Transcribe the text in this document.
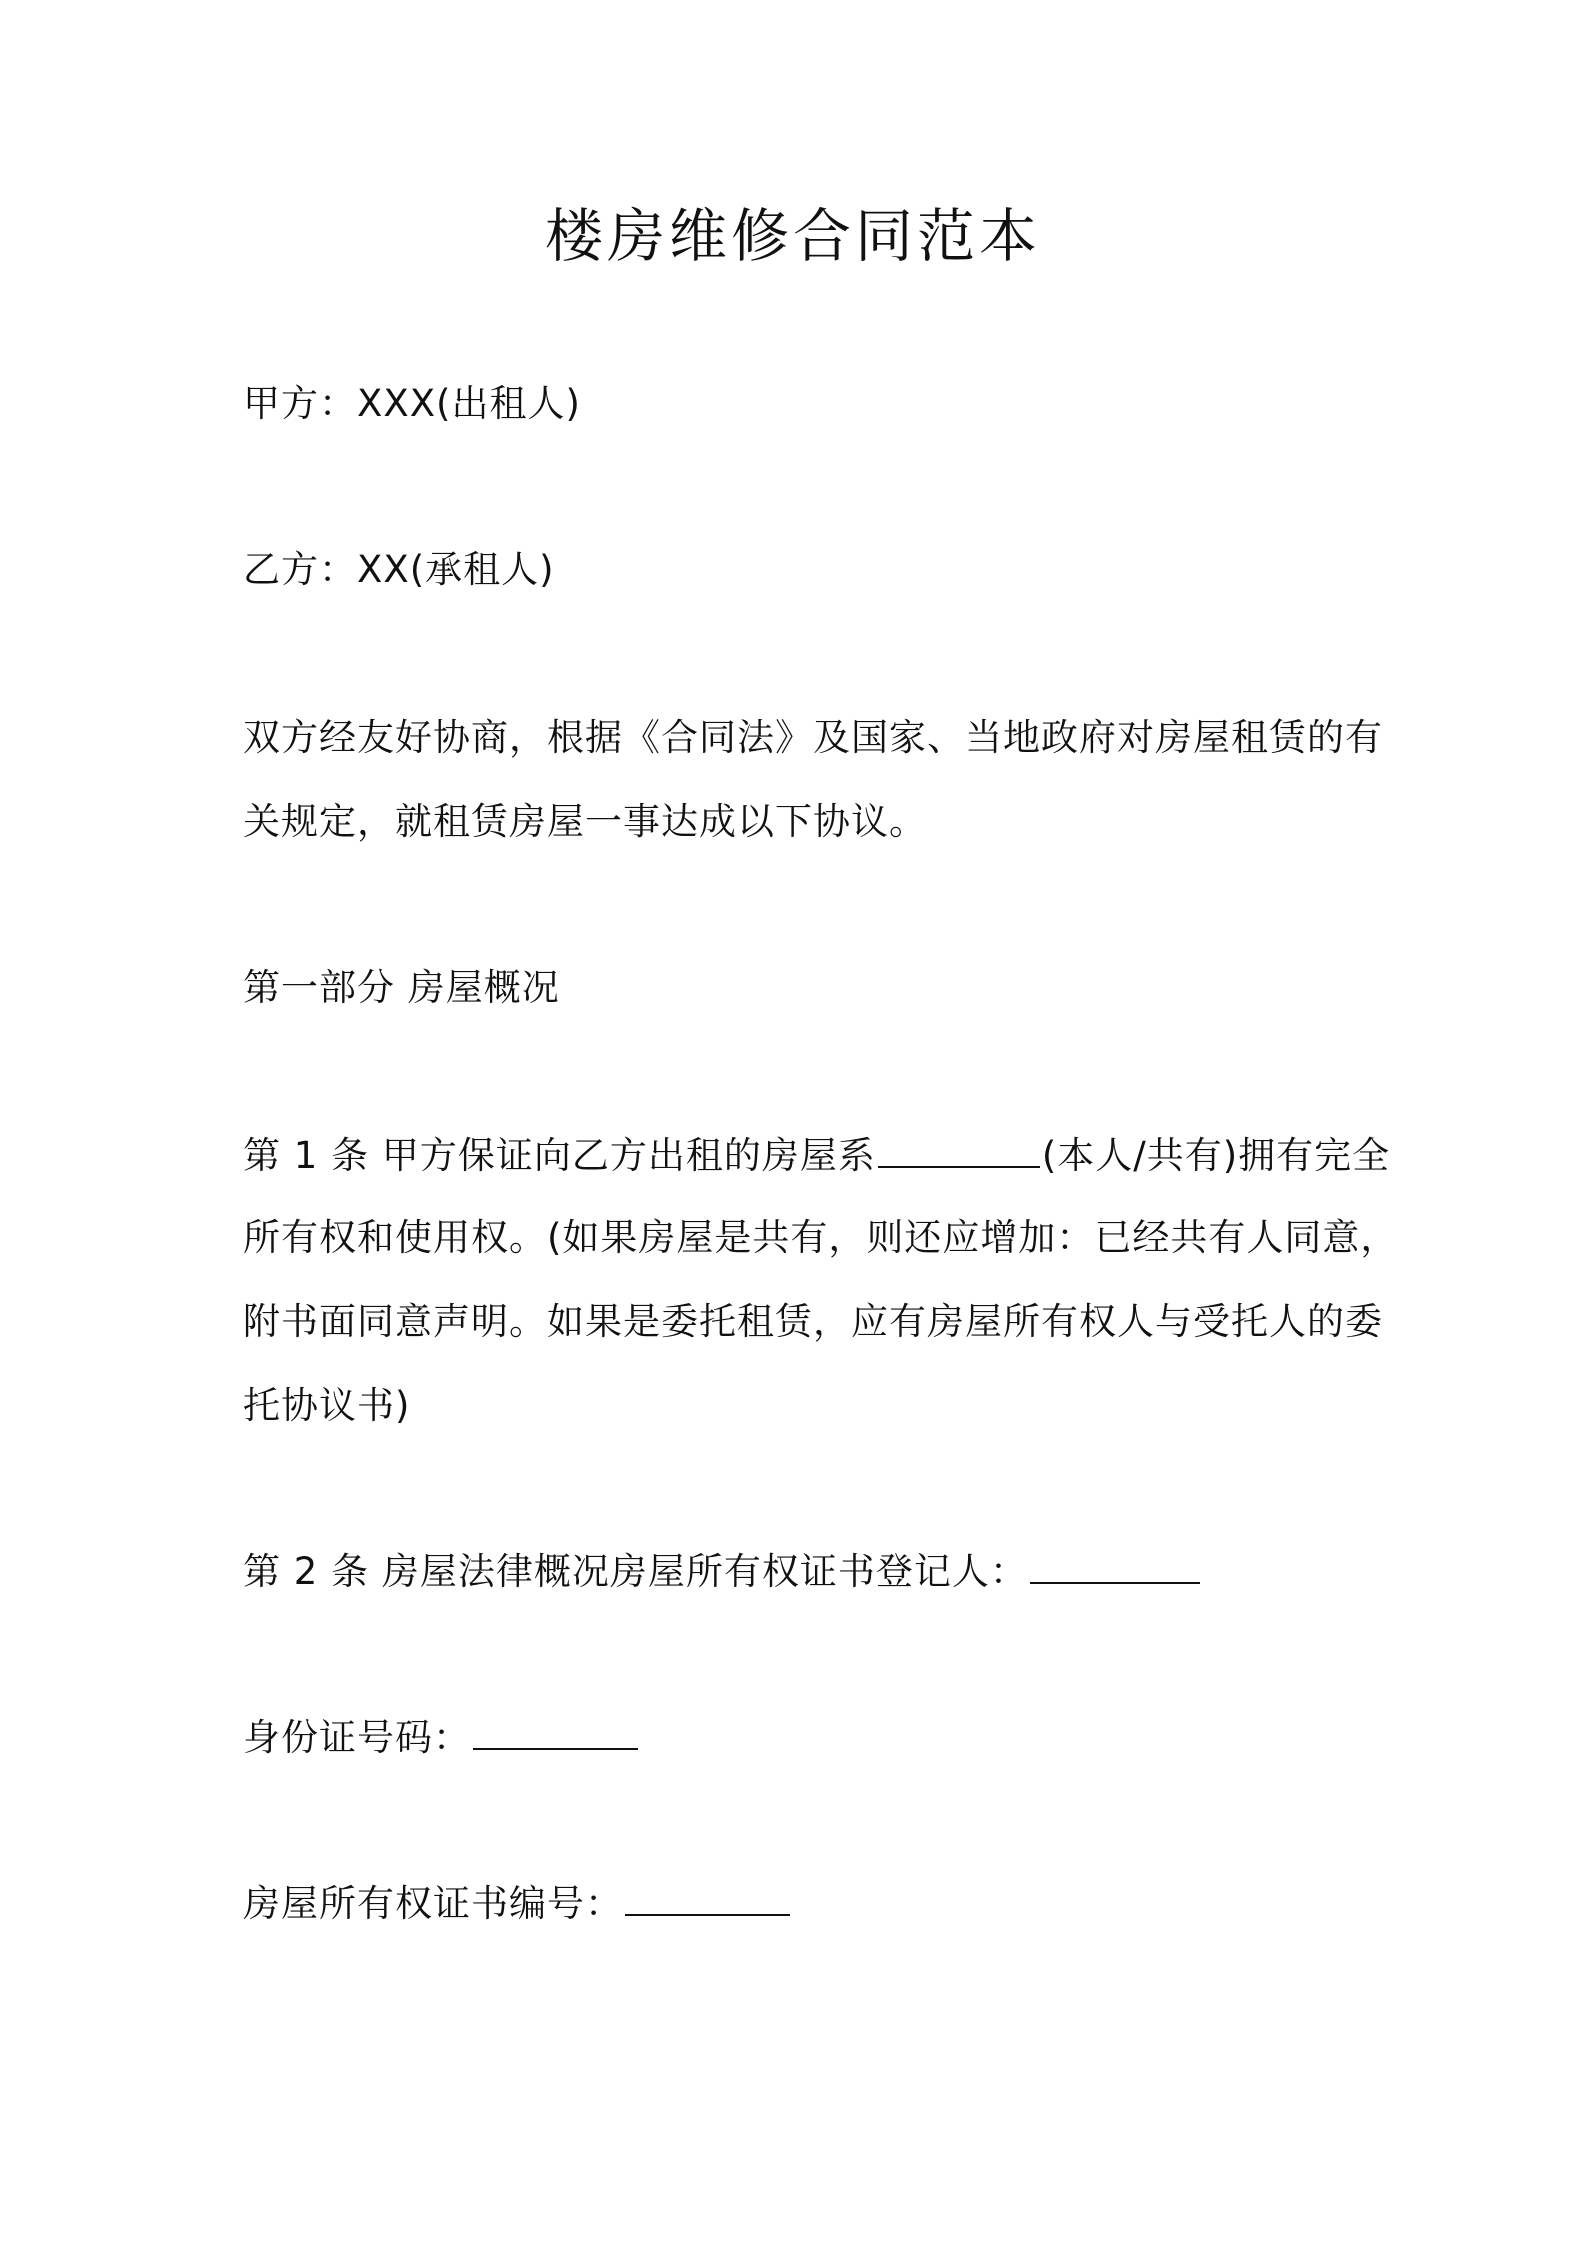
楼房维修合同范本
甲方：XXX(出租人)
乙方：XX(承租人)
双方经友好协商，根据《合同法》及国家、当地政府对房屋租赁的有
关规定，就租赁房屋一事达成以下协议。
第一部分 房屋概况
第 1 条 甲方保证向乙方出租的房屋系	(本人/共有)拥有完全
所有权和使用权。(如果房屋是共有，则还应增加：已经共有人同意，
附书面同意声明。如果是委托租赁，应有房屋所有权人与受托人的委
托协议书)
第 2 条 房屋法律概况房屋所有权证书登记人：
身份证号码：
房屋所有权证书编号：
